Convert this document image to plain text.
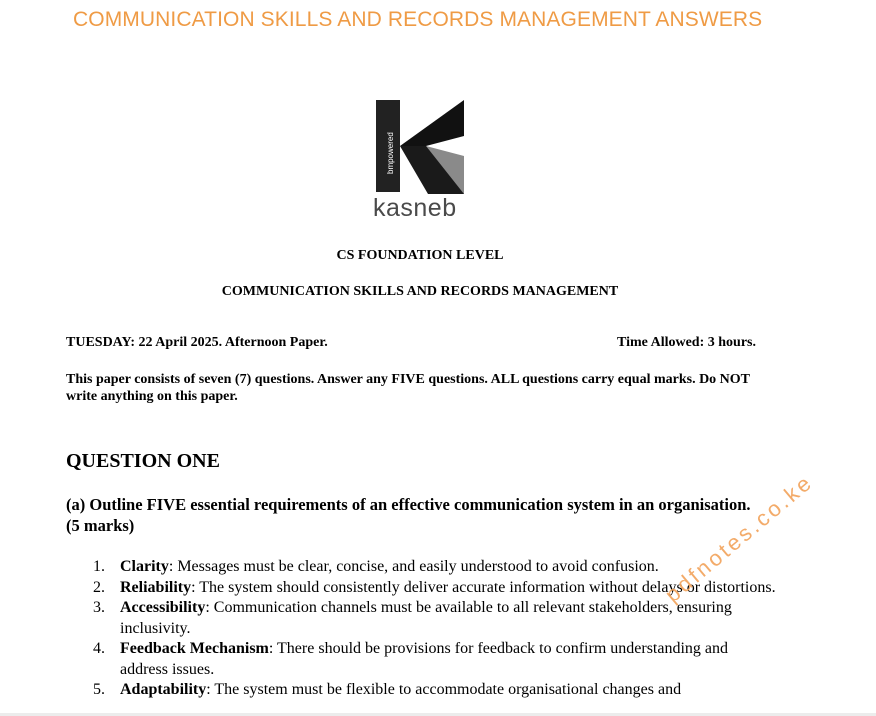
COMMUNICATION SKILLS AND RECORDS MANAGEMENT ANSWERS
bmpowered
kasneb
CS FOUNDATION LEVEL
COMMUNICATION SKILLS AND RECORDS MANAGEMENT
TUESDAY: 22 April 2025. Afternoon Paper.	Time Allowed: 3 hours.
This paper consists of seven (7) questions. Answer any FIVE questions. ALL questions carry equal marks. Do NOT write anything on this paper.
QUESTION ONE
(a) Outline FIVE essential requirements of an effective communication system in an organisation. (5 marks)
1. Clarity: Messages must be clear, concise, and easily understood to avoid confusion.
2. Reliability: The system should consistently deliver accurate information without delays or distortions.
3. Accessibility: Communication channels must be available to all relevant stakeholders, ensuring inclusivity.
4. Feedback Mechanism: There should be provisions for feedback to confirm understanding and address issues.
5. Adaptability: The system must be flexible to accommodate organisational changes and
pdfnotes.co.ke
